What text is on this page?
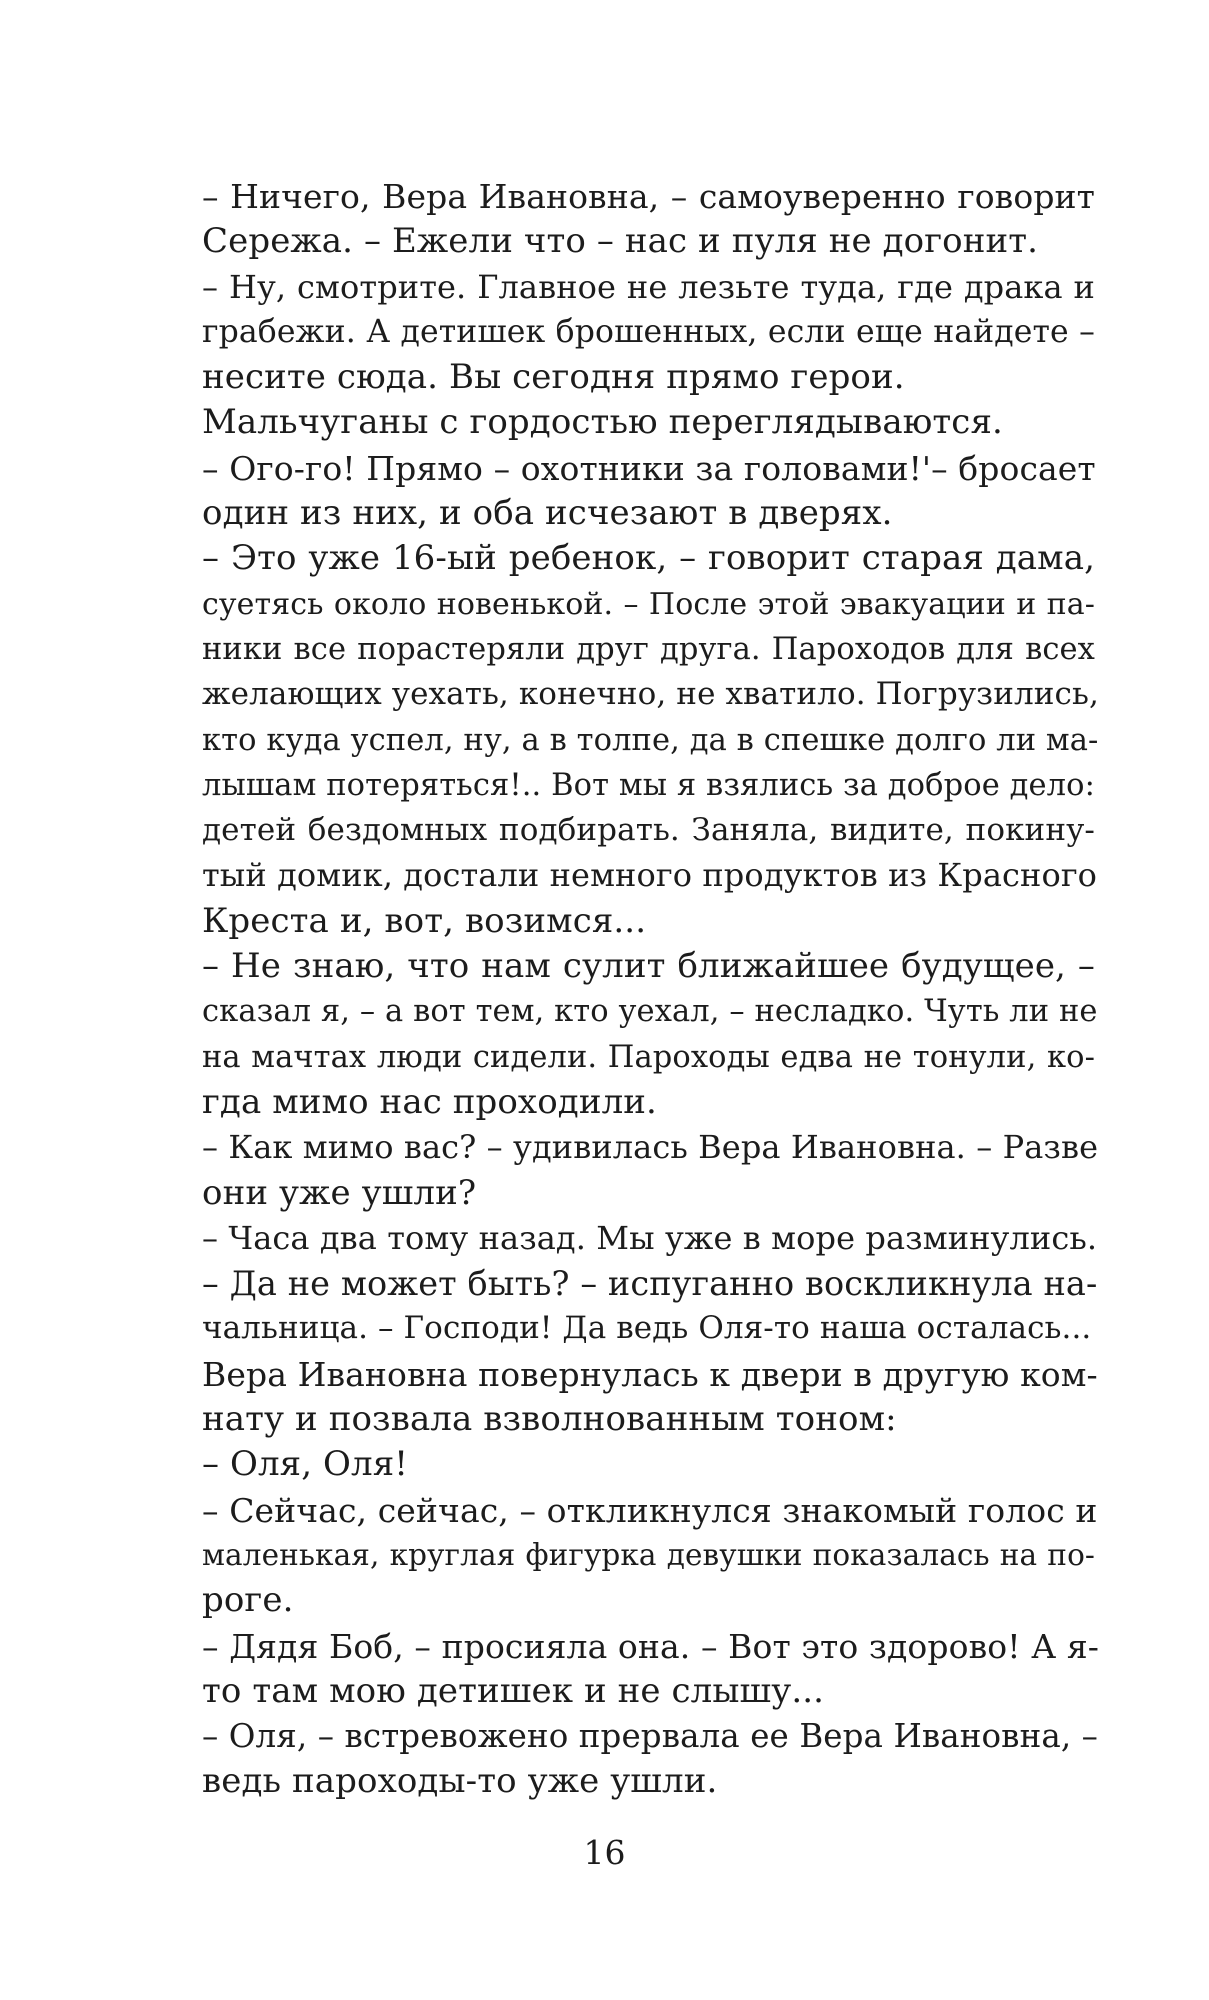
– Ничего, Вера Ивановна, – самоуверенно говорит
Сережа. – Ежели что – нас и пуля не догонит.
– Ну, смотрите. Главное не лезьте туда, где драка и
грабежи. А детишек брошенных, если еще найдете –
несите сюда. Вы сегодня прямо герои.
Мальчуганы с гордостью переглядываются.
– Ого-го! Прямо – охотники за головами!'– бросает
один из них, и оба исчезают в дверях.
– Это уже 16-ый ребенок, – говорит старая дама,
суетясь около новенькой. – После этой эвакуации и па-
ники все порастеряли друг друга. Пароходов для всех
желающих уехать, конечно, не хватило. Погрузились,
кто куда успел, ну, а в толпе, да в спешке долго ли ма-
лышам потеряться!.. Вот мы я взялись за доброе дело:
детей бездомных подбирать. Заняла, видите, покину-
тый домик, достали немного продуктов из Красного
Креста и, вот, возимся...
– Не знаю, что нам сулит ближайшее будущее, –
сказал я, – а вот тем, кто уехал, – несладко. Чуть ли не
на мачтах люди сидели. Пароходы едва не тонули, ко-
гда мимо нас проходили.
– Как мимо вас? – удивилась Вера Ивановна. – Разве
они уже ушли?
– Часа два тому назад. Мы уже в море разминулись.
– Да не может быть? – испуганно воскликнула на-
чальница. – Господи! Да ведь Оля-то наша осталась...
Вера Ивановна повернулась к двери в другую ком-
нату и позвала взволнованным тоном:
– Оля, Оля!
– Сейчас, сейчас, – откликнулся знакомый голос и
маленькая, круглая фигурка девушки показалась на по-
роге.
– Дядя Боб, – просияла она. – Вот это здорово! А я-
то там мою детишек и не слышу...
– Оля, – встревожено прервала ее Вера Ивановна, –
ведь пароходы-то уже ушли.
16
